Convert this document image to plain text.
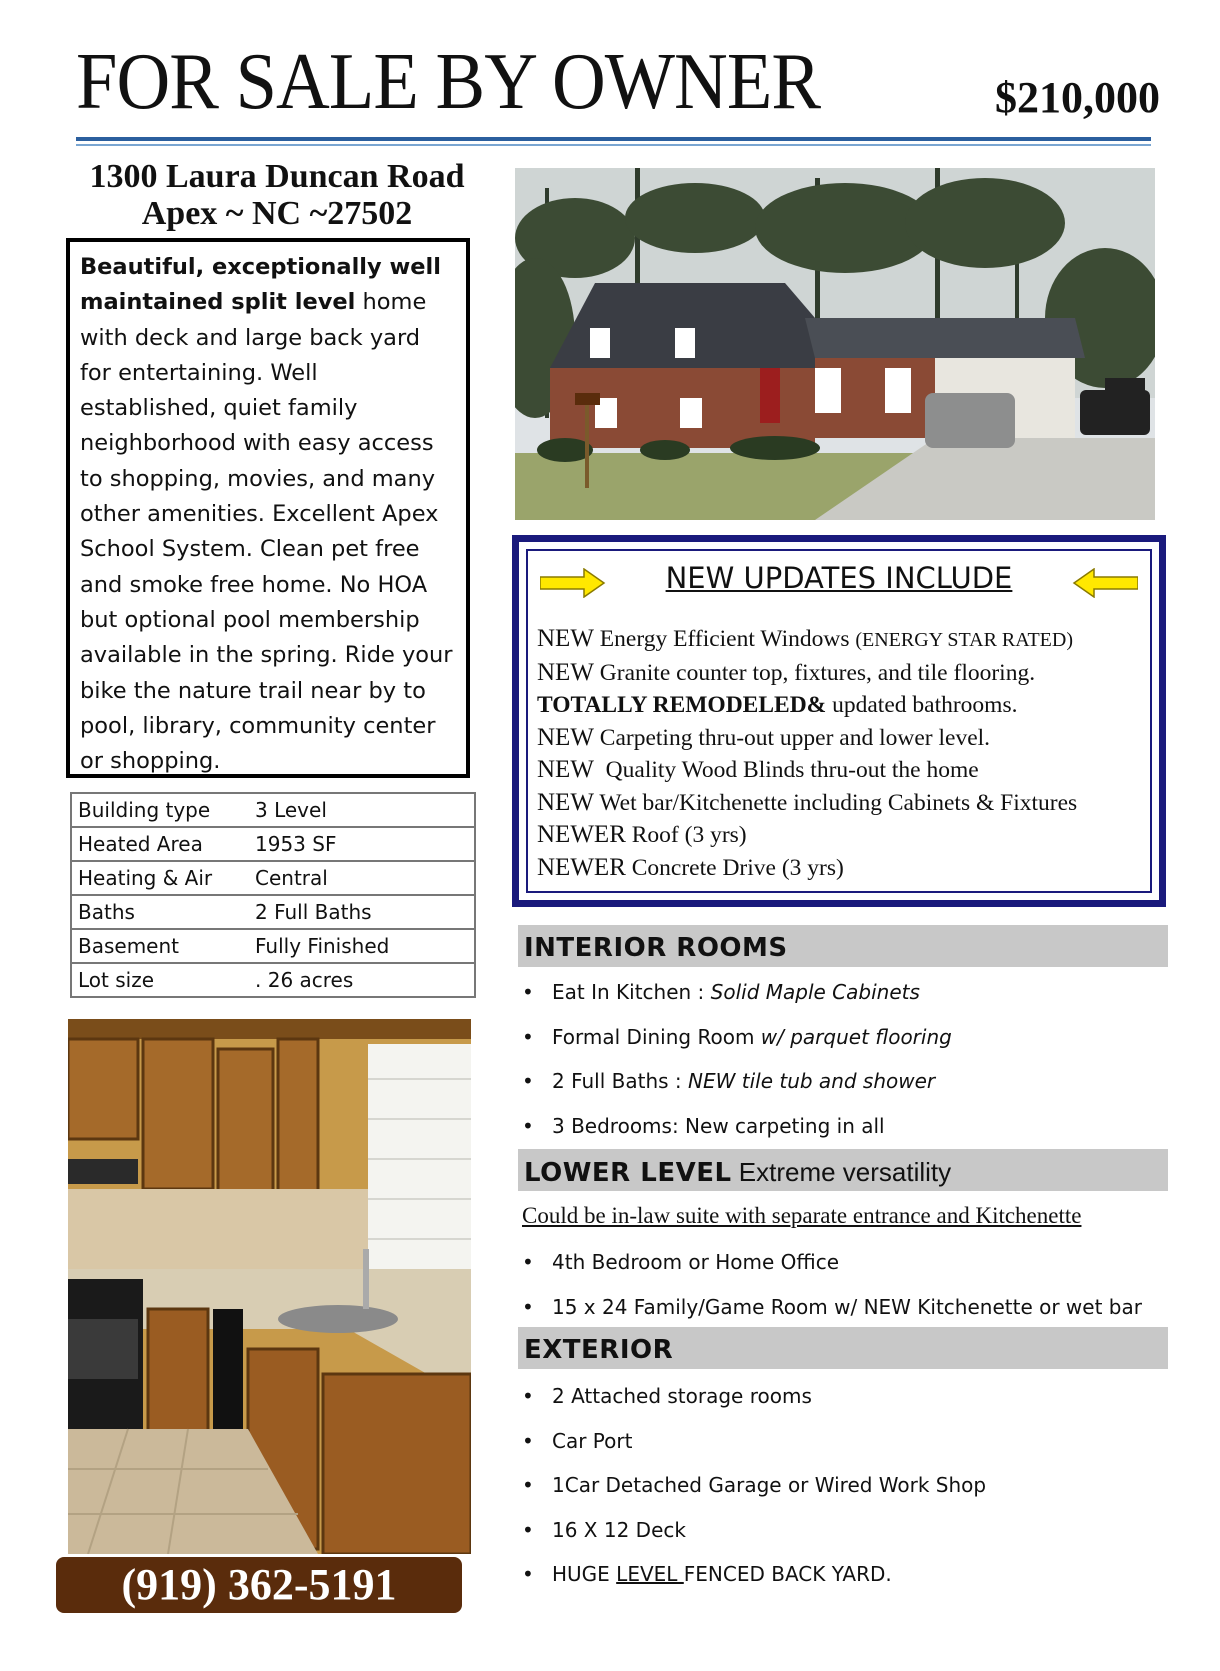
FOR SALE BY OWNER	$210,000
1300 Laura Duncan Road
Apex ~ NC ~27502
Beautiful, exceptionally well maintained split level home with deck and large back yard for entertaining. Well established, quiet family neighborhood with easy access to shopping, movies, and many other amenities. Excellent Apex School System. Clean pet free and smoke free home. No HOA but optional pool membership available in the spring. Ride your bike the nature trail near by to pool, library, community center or shopping.
Building type	3 Level
Heated Area	1953 SF
Heating & Air	Central
Baths	2 Full Baths
Basement	Fully Finished
Lot size	. 26 acres
NEW UPDATES INCLUDE
NEW Energy Efficient Windows (ENERGY STAR RATED)
NEW Granite counter top, fixtures, and tile flooring.
TOTALLY REMODELED& updated bathrooms.
NEW Carpeting thru-out upper and lower level.
NEW  Quality Wood Blinds thru-out the home
NEW Wet bar/Kitchenette including Cabinets & Fixtures
NEWER Roof (3 yrs)
NEWER Concrete Drive (3 yrs)
INTERIOR ROOMS
• Eat In Kitchen : Solid Maple Cabinets
• Formal Dining Room w/ parquet flooring
• 2 Full Baths : NEW tile tub and shower
• 3 Bedrooms: New carpeting in all
LOWER LEVEL Extreme versatility
Could be in-law suite with separate entrance and Kitchenette
• 4th Bedroom or Home Office
• 15 x 24 Family/Game Room w/ NEW Kitchenette or wet bar
EXTERIOR
• 2 Attached storage rooms
• Car Port
• 1Car Detached Garage or Wired Work Shop
• 16 X 12 Deck
• HUGE LEVEL FENCED BACK YARD.
(919) 362-5191
